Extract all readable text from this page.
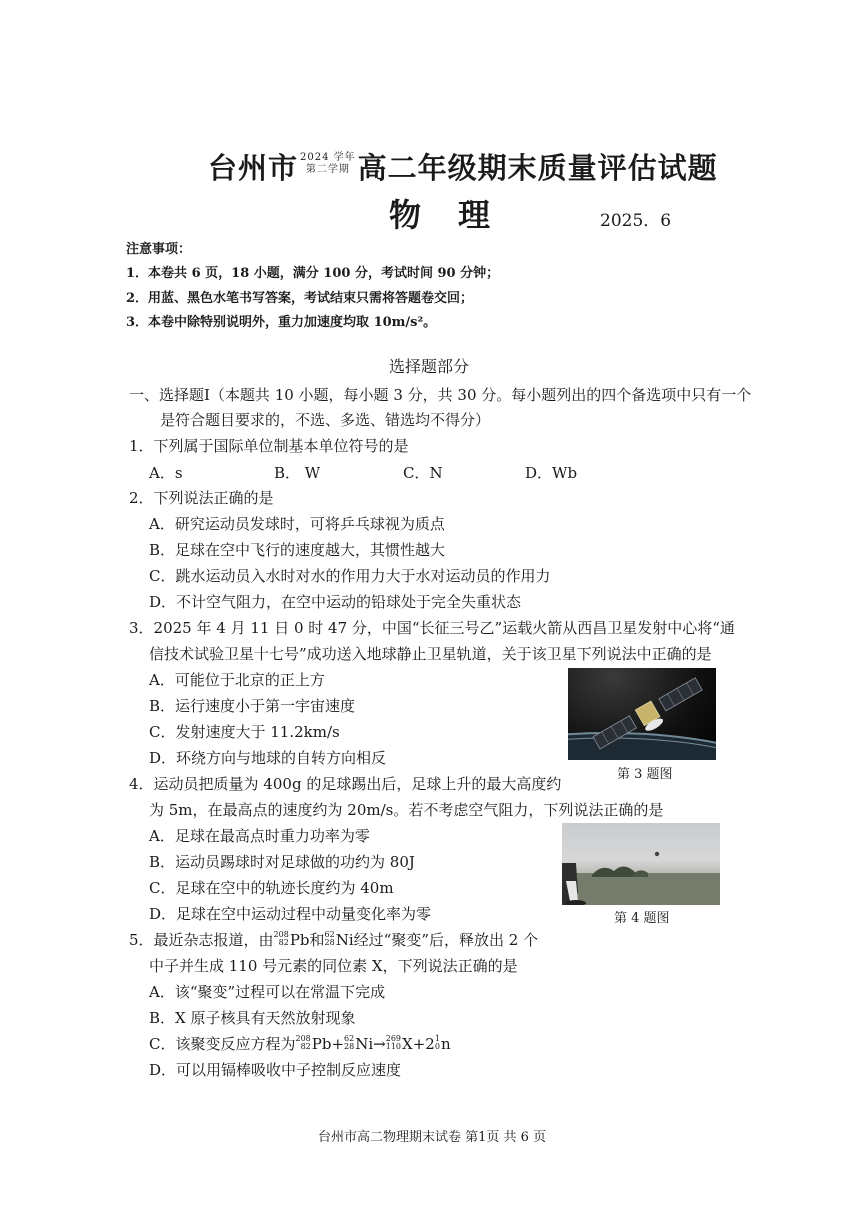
台州市 2024 学年
第二学期 高二年级期末质量评估试题
物 理	2025．6
注意事项：
1．本卷共 6 页，18 小题，满分 100 分，考试时间 90 分钟；
2．用蓝、黑色水笔书写答案，考试结束只需将答题卷交回；
3．本卷中除特别说明外，重力加速度均取 10m/s²。
选择题部分
一、选择题Ⅰ（本题共 10 小题，每小题 3 分，共 30 分。每小题列出的四个备选项中只有一个
是符合题目要求的，不选、多选、错选均不得分）
1．下列属于国际单位制基本单位符号的是
A．s	B． W	C．N	D．Wb
2．下列说法正确的是
A．研究运动员发球时，可将乒乓球视为质点
B．足球在空中飞行的速度越大，其惯性越大
C．跳水运动员入水时对水的作用力大于水对运动员的作用力
D．不计空气阻力，在空中运动的铅球处于完全失重状态
3．2025 年 4 月 11 日 0 时 47 分，中国“长征三号乙”运载火箭从西昌卫星发射中心将“通
信技术试验卫星十七号”成功送入地球静止卫星轨道，关于该卫星下列说法中正确的是
A．可能位于北京的正上方
B．运行速度小于第一宇宙速度
C．发射速度大于 11.2km/s
D．环绕方向与地球的自转方向相反
第 3 题图
4．运动员把质量为 400g 的足球踢出后，足球上升的最大高度约
为 5m，在最高点的速度约为 20m/s。若不考虑空气阻力，下列说法正确的是
A．足球在最高点时重力功率为零
B．运动员踢球时对足球做的功约为 80J
C．足球在空中的轨迹长度约为 40m
D．足球在空中运动过程中动量变化率为零	第 4 题图
5．最近杂志报道，由 208
82 Pb和 62
28 Ni经过“聚变”后，释放出 2 个
中子并生成 110 号元素的同位素 X，下列说法正确的是
A．该“聚变”过程可以在常温下完成
B．X 原子核具有天然放射现象
C．该聚变反应方程为 208
82 Pb+ 62
28 Ni→ 269
110 X+2 1
0 n
D．可以用镉棒吸收中子控制反应速度
台州市高二物理期末试卷 第1页 共 6 页
